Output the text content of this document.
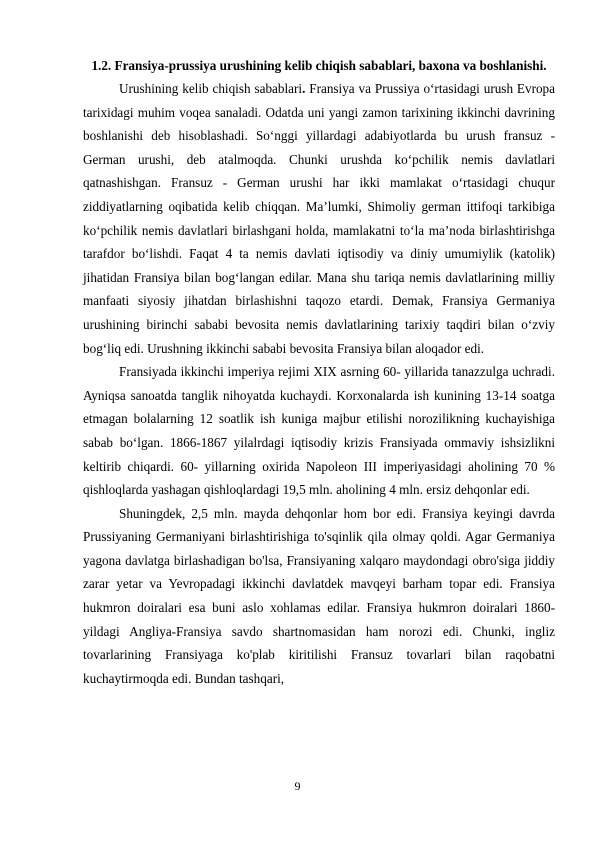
1.2. Fransiya-prussiya urushining kelib chiqish sabablari, baxona va boshlanishi.

Urushining kelib chiqish sabablari. Fransiya va Prussiya o‘rtasidagi urush Evropa tarixidagi muhim voqea sanaladi. Odatda uni yangi zamon tarixining ikkinchi davrining boshlanishi deb hisoblashadi. So‘nggi yillardagi adabiyotlarda bu urush fransuz - German urushi, deb atalmoqda. Chunki urushda ko‘pchilik nemis davlatlari qatnashishgan. Fransuz - German urushi har ikki mamlakat o‘rtasidagi chuqur ziddiyatlarning oqibatida kelib chiqqan. Ma’lumki, Shimoliy german ittifoqi tarkibiga ko‘pchilik nemis davlatlari birlashgani holda, mamlakatni to‘la ma’noda birlashtirishga tarafdor bo‘lishdi. Faqat 4 ta nemis davlati iqtisodiy va diniy umumiylik (katolik) jihatidan Fransiya bilan bog‘langan edilar. Mana shu tariqa nemis davlatlarining milliy manfaati siyosiy jihatdan birlashishni taqozo etardi. Demak, Fransiya Germaniya urushining birinchi sababi bevosita nemis davlatlarining tarixiy taqdiri bilan o‘zviy bog‘liq edi. Urushning ikkinchi sababi bevosita Fransiya bilan aloqador edi.

Fransiyada ikkinchi imperiya rejimi XIX asrning 60- yillarida tanazzulga uchradi. Ayniqsa sanoatda tanglik nihoyatda kuchaydi. Korxonalarda ish kunining 13-14 soatga etmagan bolalarning 12 soatlik ish kuniga majbur etilishi norozilikning kuchayishiga sabab bo‘lgan. 1866-1867 yilalrdagi iqtisodiy krizis Fransiyada ommaviy ishsizlikni keltirib chiqardi. 60- yillarning oxirida Napoleon III imperiyasidagi aholining 70 % qishloqlarda yashagan qishloqlardagi 19,5 mln. aholining 4 mln. ersiz dehqonlar edi.

Shuningdek, 2,5 mln. mayda dehqonlar hom bor edi. Fransiya keyingi davrda Prussiyaning Germaniyani birlashtirishiga to'sqinlik qila olmay qoldi. Agar Germaniya yagona davlatga birlashadigan bo'lsa, Fransiyaning xalqaro maydondagi obro'siga jiddiy zarar yetar va Yevropadagi ikkinchi davlatdek mavqeyi barham topar edi. Fransiya hukmron doiralari esa buni aslo xohlamas edilar. Fransiya hukmron doiralari 1860- yildagi Angliya-Fransiya savdo shartnomasidan ham norozi edi. Chunki, ingliz tovarlarining Fransiyaga ko'plab kiritilishi Fransuz tovarlari bilan raqobatni kuchaytirmoqda edi. Bundan tashqari,

9
